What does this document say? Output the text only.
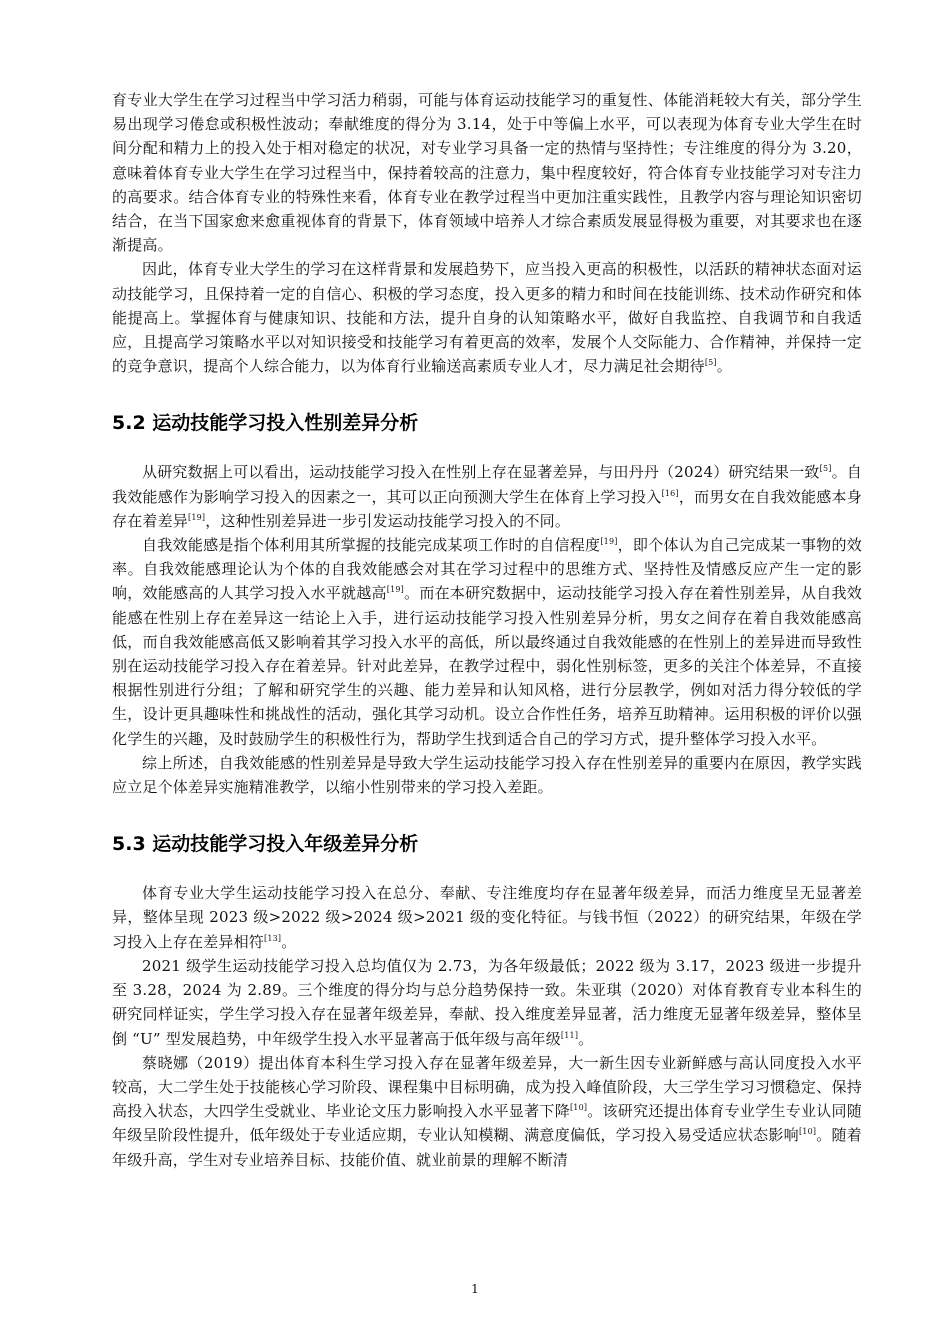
育专业大学生在学习过程当中学习活力稍弱，可能与体育运动技能学习的重复性、体能消耗较大有关，部分学生易出现学习倦怠或积极性波动；奉献维度的得分为 3.14，处于中等偏上水平，可以表现为体育专业大学生在时间分配和精力上的投入处于相对稳定的状况，对专业学习具备一定的热情与坚持性；专注维度的得分为 3.20，意味着体育专业大学生在学习过程当中，保持着较高的注意力，集中程度较好，符合体育专业技能学习对专注力的高要求。结合体育专业的特殊性来看，体育专业在教学过程当中更加注重实践性，且教学内容与理论知识密切结合，在当下国家愈来愈重视体育的背景下，体育领域中培养人才综合素质发展显得极为重要，对其要求也在逐渐提高。

因此，体育专业大学生的学习在这样背景和发展趋势下，应当投入更高的积极性，以活跃的精神状态面对运动技能学习，且保持着一定的自信心、积极的学习态度，投入更多的精力和时间在技能训练、技术动作研究和体能提高上。掌握体育与健康知识、技能和方法，提升自身的认知策略水平，做好自我监控、自我调节和自我适应，且提高学习策略水平以对知识接受和技能学习有着更高的效率，发展个人交际能力、合作精神，并保持一定的竞争意识，提高个人综合能力，以为体育行业输送高素质专业人才，尽力满足社会期待[5]。

5.2 运动技能学习投入性别差异分析

从研究数据上可以看出，运动技能学习投入在性别上存在显著差异，与田丹丹（2024）研究结果一致[5]。自我效能感作为影响学习投入的因素之一，其可以正向预测大学生在体育上学习投入[16]，而男女在自我效能感本身存在着差异[19]，这种性别差异进一步引发运动技能学习投入的不同。

自我效能感是指个体利用其所掌握的技能完成某项工作时的自信程度[19]，即个体认为自己完成某一事物的效率。自我效能感理论认为个体的自我效能感会对其在学习过程中的思维方式、坚持性及情感反应产生一定的影响，效能感高的人其学习投入水平就越高[19]。而在本研究数据中，运动技能学习投入存在着性别差异，从自我效能感在性别上存在差异这一结论上入手，进行运动技能学习投入性别差异分析，男女之间存在着自我效能感高低，而自我效能感高低又影响着其学习投入水平的高低，所以最终通过自我效能感的在性别上的差异进而导致性别在运动技能学习投入存在着差异。针对此差异，在教学过程中，弱化性别标签，更多的关注个体差异，不直接根据性别进行分组；了解和研究学生的兴趣、能力差异和认知风格，进行分层教学，例如对活力得分较低的学生，设计更具趣味性和挑战性的活动，强化其学习动机。设立合作性任务，培养互助精神。运用积极的评价以强化学生的兴趣，及时鼓励学生的积极性行为，帮助学生找到适合自己的学习方式，提升整体学习投入水平。

综上所述，自我效能感的性别差异是导致大学生运动技能学习投入存在性别差异的重要内在原因，教学实践应立足个体差异实施精准教学，以缩小性别带来的学习投入差距。

5.3 运动技能学习投入年级差异分析

体育专业大学生运动技能学习投入在总分、奉献、专注维度均存在显著年级差异，而活力维度呈无显著差异，整体呈现 2023 级>2022 级>2024 级>2021 级的变化特征。与钱书恒（2022）的研究结果，年级在学习投入上存在差异相符[13]。

2021 级学生运动技能学习投入总均值仅为 2.73，为各年级最低；2022 级为 3.17，2023 级进一步提升至 3.28，2024 为 2.89。三个维度的得分均与总分趋势保持一致。朱亚琪（2020）对体育教育专业本科生的研究同样证实，学生学习投入存在显著年级差异，奉献、投入维度差异显著，活力维度无显著年级差异，整体呈倒 “U” 型发展趋势，中年级学生投入水平显著高于低年级与高年级[11]。

蔡晓娜（2019）提出体育本科生学习投入存在显著年级差异，大一新生因专业新鲜感与高认同度投入水平较高，大二学生处于技能核心学习阶段、课程集中目标明确，成为投入峰值阶段，大三学生学习习惯稳定、保持高投入状态，大四学生受就业、毕业论文压力影响投入水平显著下降[10]。该研究还提出体育专业学生专业认同随年级呈阶段性提升，低年级处于专业适应期，专业认知模糊、满意度偏低，学习投入易受适应状态影响[10]。随着年级升高，学生对专业培养目标、技能价值、就业前景的理解不断清

1
